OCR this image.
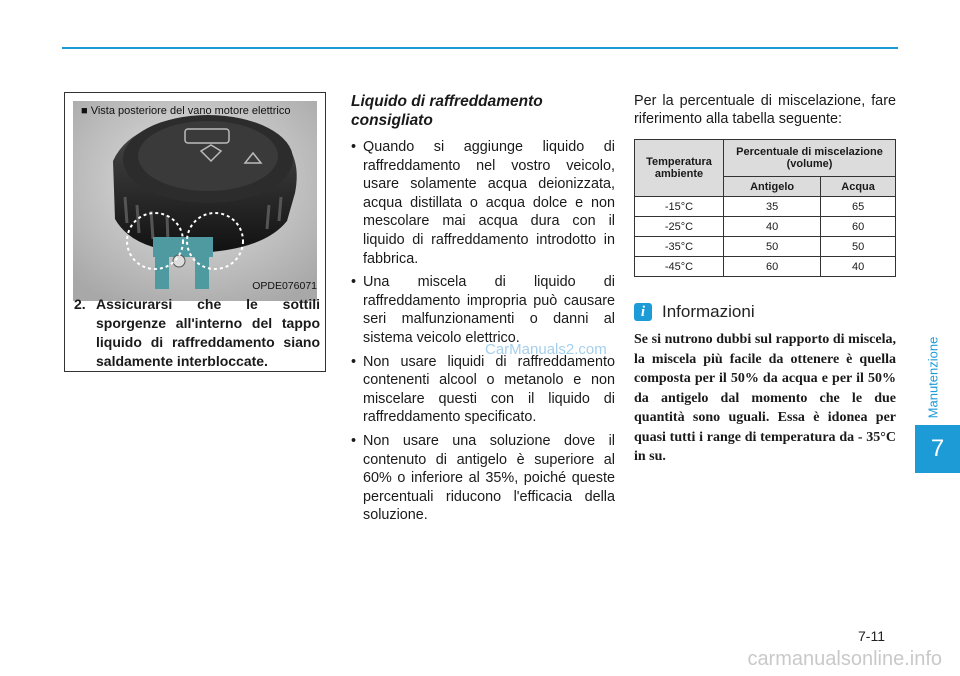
■ Vista posteriore del vano motore elettrico
OPDE076071
2. Assicurarsi che le sottili sporgenze all'interno del tappo liquido di raffreddamento siano saldamente interbloccate.
Liquido di raffreddamento consigliato
• Quando si aggiunge liquido di raffreddamento nel vostro veicolo, usare solamente acqua deionizzata, acqua distillata o acqua dolce e non mescolare mai acqua dura con il liquido di raffreddamento introdotto in fabbrica.
• Una miscela di liquido di raffreddamento impropria può causare seri malfunzionamenti o danni al sistema veicolo elettrico.
• Non usare liquidi di raffreddamento contenenti alcool o metanolo e non miscelare questi con il liquido di raffreddamento specificato.
• Non usare una soluzione dove il contenuto di antigelo è superiore al 60% o inferiore al 35%, poiché queste percentuali riducono l'efficacia della soluzione.
CarManuals2.com

Per la percentuale di miscelazione, fare riferimento alla tabella seguente:

Temperatura ambiente	Percentuale di miscelazione (volume)	
	Antigelo	Acqua
-15°C	35	65
-25°C	40	60
-35°C	50	50
-45°C	60	40
i Informazioni
Se si nutrono dubbi sul rapporto di miscela, la miscela più facile da ottenere è quella composta per il 50% da acqua e per il 50% da antigelo dal momento che le due quantità sono uguali. Essa è idonea per quasi tutti i range di temperatura da - 35°C in su.
Manutenzione
7
7-11
carmanualsonline.info
